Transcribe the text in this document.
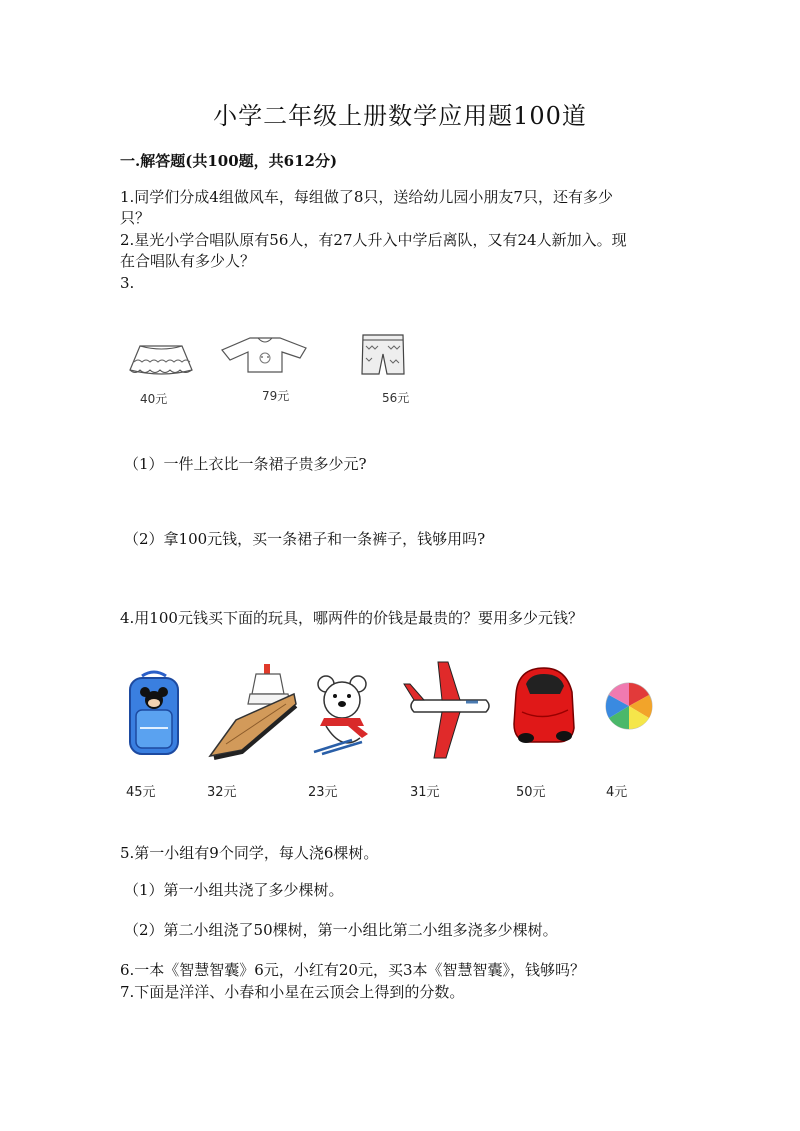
小学二年级上册数学应用题100道
一.解答题(共100题，共612分)
1.同学们分成4组做风车，每组做了8只，送给幼儿园小朋友7只，还有多少
只？
2.星光小学合唱队原有56人，有27人升入中学后离队，又有24人新加入。现
在合唱队有多少人？
3.
40元	79元	56元
（1）一件上衣比一条裙子贵多少元?
（2）拿100元钱，买一条裙子和一条裤子，钱够用吗?
4.用100元钱买下面的玩具，哪两件的价钱是最贵的？要用多少元钱？
45元	32元	23元	31元	50元	4元
5.第一小组有9个同学，每人浇6棵树。
（1）第一小组共浇了多少棵树。
（2）第二小组浇了50棵树，第一小组比第二小组多浇多少棵树。
6.一本《智慧智囊》6元，小红有20元，买3本《智慧智囊》，钱够吗？
7.下面是洋洋、小春和小星在云顶会上得到的分数。
